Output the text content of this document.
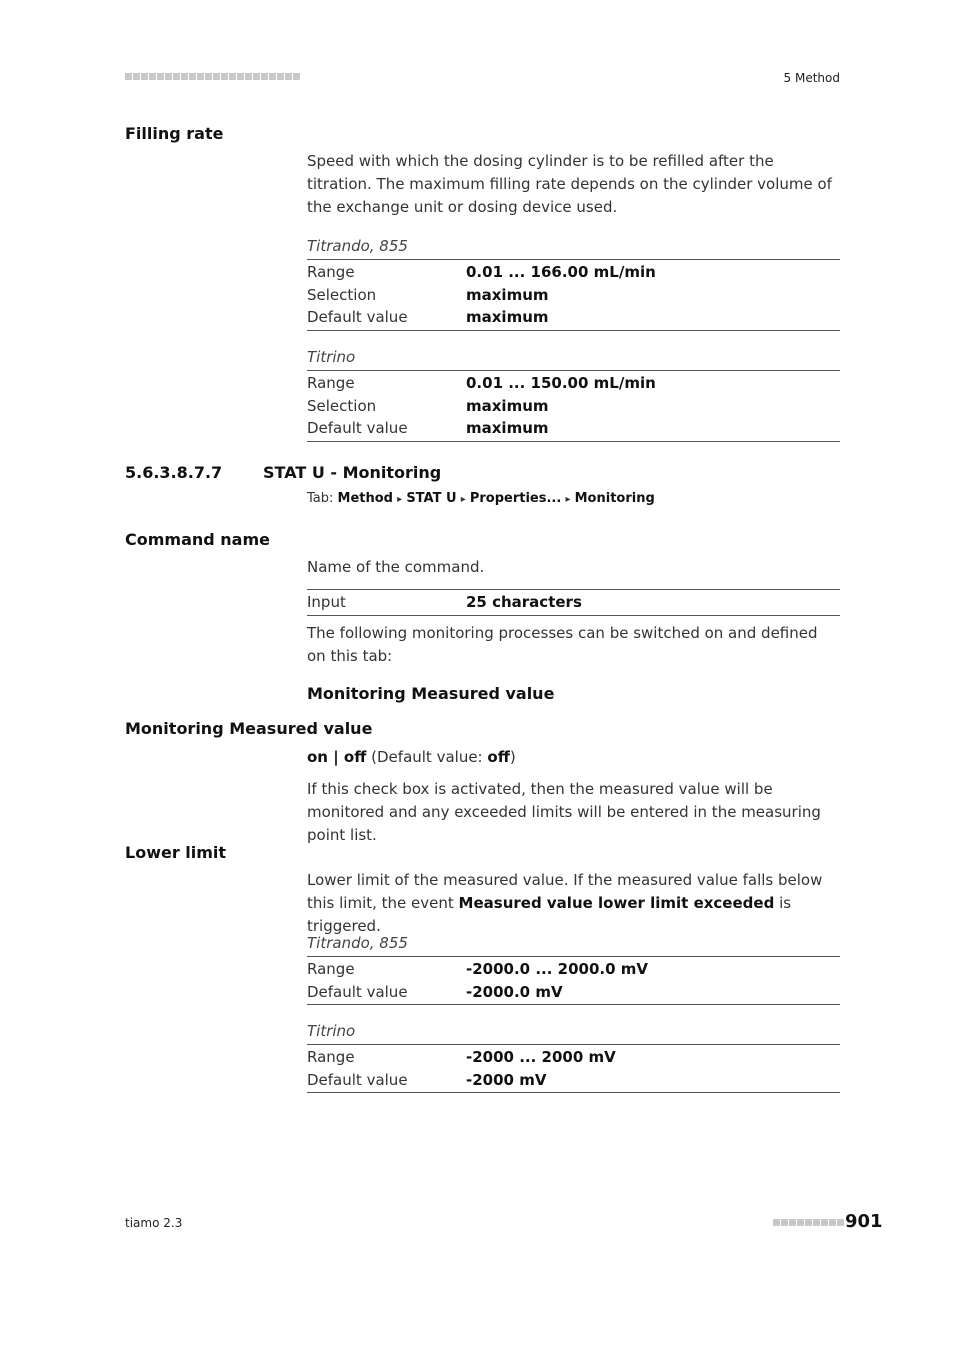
5 Method
Filling rate
Speed with which the dosing cylinder is to be refilled after the titration. The maximum filling rate depends on the cylinder volume of the exchange unit or dosing device used.
Titrando, 855
Range	0.01 ... 166.00 mL/min
Selection	maximum
Default value	maximum
Titrino
Range	0.01 ... 150.00 mL/min
Selection	maximum
Default value	maximum
5.6.3.8.7.7	STAT U - Monitoring
Tab: Method ▸ STAT U ▸ Properties... ▸ Monitoring
Command name
Name of the command.
Input	25 characters
The following monitoring processes can be switched on and defined on this tab:
Monitoring Measured value
Monitoring Measured value
on | off (Default value: off)
If this check box is activated, then the measured value will be monitored and any exceeded limits will be entered in the measuring point list.
Lower limit
Lower limit of the measured value. If the measured value falls below this limit, the event Measured value lower limit exceeded is triggered.
Titrando, 855
Range	-2000.0 ... 2000.0 mV
Default value	-2000.0 mV
Titrino
Range	-2000 ... 2000 mV
Default value	-2000 mV
tiamo 2.3	901
